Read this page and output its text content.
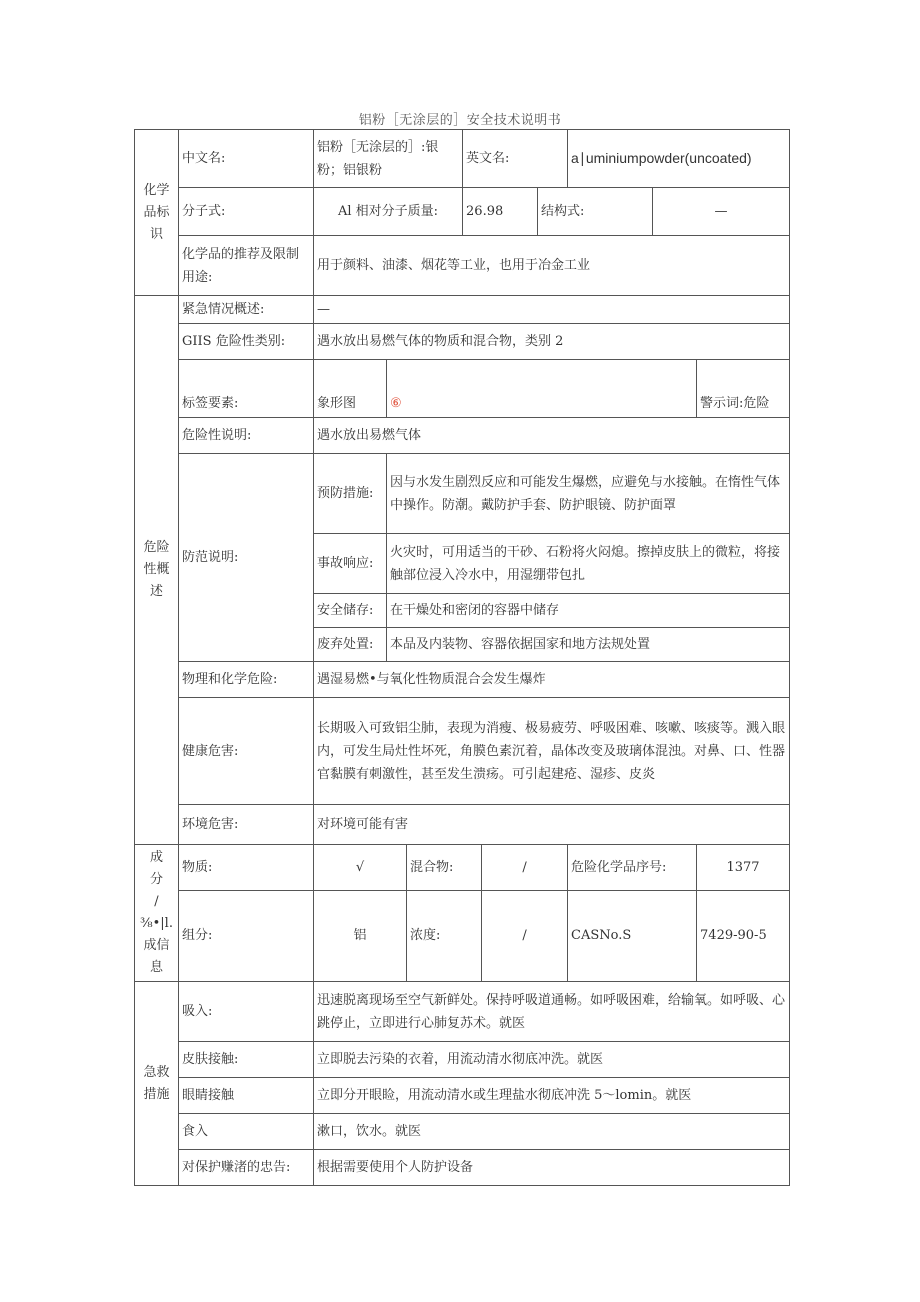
铝粉［无涂层的］安全技术说明书
化学品标识	中文名:	铝粉［无涂层的］:银粉；铝银粉			英文名:			a∣uminiumpowder(uncoated)		
	分子式:	Al 相对分子质量:			26.98		结构式:		—	
	化学品的推荐及限制用途:	用于颜料、油漆、烟花等工业，也用于冶金工业								
危险性概述	紧急情况概述:	—								
	GIIS 危险性类别:	遇水放出易燃气体的物质和混合物，类别 2								
	标签要素:	象形图	⑥							警示词:危险
	危险性说明:	遇水放出易燃气体								
	防范说明:	预防措施:	因与水发生剧烈反应和可能发生爆燃，应避免与水接触。在惰性气体中操作。防潮。戴防护手套、防护眼镜、防护面罩							
		事故响应:	火灾时，可用适当的干砂、石粉将火闷熄。擦掉皮肤上的微粒，将接触部位浸入冷水中，用湿绷带包扎							
		安全储存:	在干燥处和密闭的容器中储存							
		废弃处置:	本品及内装物、容器依据国家和地方法规处置							
	物理和化学危险:	遇湿易燃•与氧化性物质混合会发生爆炸								
	健康危害:	长期吸入可致铝尘肺，表现为消瘦、极易疲劳、呼吸困难、咳嗽、咳痰等。溅入眼内，可发生局灶性坏死，角膜色素沉着，晶体改变及玻璃体混浊。对鼻、口、性器官黏膜有刺激性，甚至发生溃疡。可引起建疮、湿疹、皮炎								
	环境危害:	对环境可能有害								

成　分
/⅜•|l.
成信息	物质:	√		混合物:		/		危险化学品序号:		1377
	组分:	铝		浓度:		/		CASNo.S		7429-90-5
急救措施	吸入:	迅速脱离现场至空气新鲜处。保持呼吸道通畅。如呼吸困难，给输氧。如呼吸、心跳停止，立即进行心肺复苏术。就医								
	皮肤接触:	立即脱去污染的衣着，用流动清水彻底冲洗。就医								
	眼睛接触	立即分开眼睑，用流动清水或生理盐水彻底冲洗 5〜lomin。就医								
	食入	漱口，饮水。就医								
	对保护赚渚的忠告:	根据需要使用个人防护设备								
